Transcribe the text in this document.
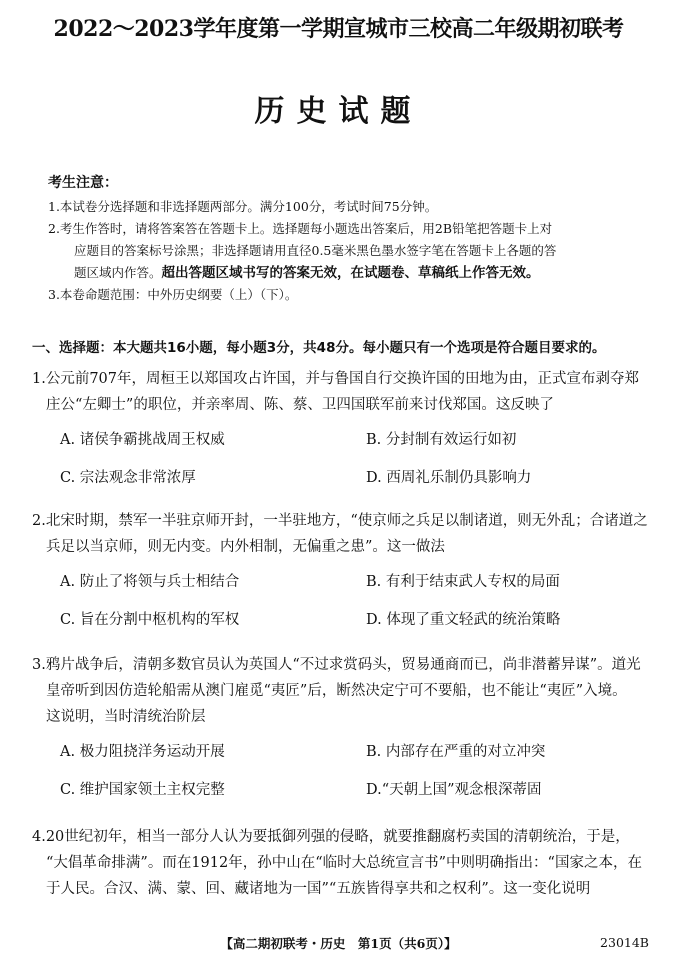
2022～2023学年度第一学期宣城市三校高二年级期初联考
历史试题
考生注意：
1.本试卷分选择题和非选择题两部分。满分100分，考试时间75分钟。
2.考生作答时，请将答案答在答题卡上。选择题每小题选出答案后，用2B铅笔把答题卡上对
应题目的答案标号涂黑；非选择题请用直径0.5毫米黑色墨水签字笔在答题卡上各题的答
题区域内作答。超出答题区域书写的答案无效，在试题卷、草稿纸上作答无效。
3.本卷命题范围：中外历史纲要（上）（下）。
一、选择题：本大题共16小题，每小题3分，共48分。每小题只有一个选项是符合题目要求的。
1.公元前707年，周桓王以郑国攻占许国，并与鲁国自行交换许国的田地为由，正式宣布剥夺郑
庄公“左卿士”的职位，并亲率周、陈、蔡、卫四国联军前来讨伐郑国。这反映了
A. 诸侯争霸挑战周王权威	B. 分封制有效运行如初
C. 宗法观念非常浓厚	D. 西周礼乐制仍具影响力
2.北宋时期，禁军一半驻京师开封，一半驻地方，“使京师之兵足以制诸道，则无外乱；合诸道之
兵足以当京师，则无内变。内外相制，无偏重之患”。这一做法
A. 防止了将领与兵士相结合	B. 有利于结束武人专权的局面
C. 旨在分割中枢机构的军权	D. 体现了重文轻武的统治策略
3.鸦片战争后，清朝多数官员认为英国人“不过求赏码头，贸易通商而已，尚非潜蓄异谋”。道光
皇帝听到因仿造轮船需从澳门雇觅“夷匠”后，断然决定宁可不要船，也不能让“夷匠”入境。
这说明，当时清统治阶层
A. 极力阻挠洋务运动开展	B. 内部存在严重的对立冲突
C. 维护国家领土主权完整	D.“天朝上国”观念根深蒂固
4.20世纪初年，相当一部分人认为要抵御列强的侵略，就要推翻腐朽卖国的清朝统治，于是，
“大倡革命排满”。而在1912年，孙中山在“临时大总统宣言书”中则明确指出：“国家之本，在
于人民。合汉、满、蒙、回、藏诸地为一国”“五族皆得享共和之权利”。这一变化说明
【高二期初联考・历史　第1页（共6页）】	23014B
